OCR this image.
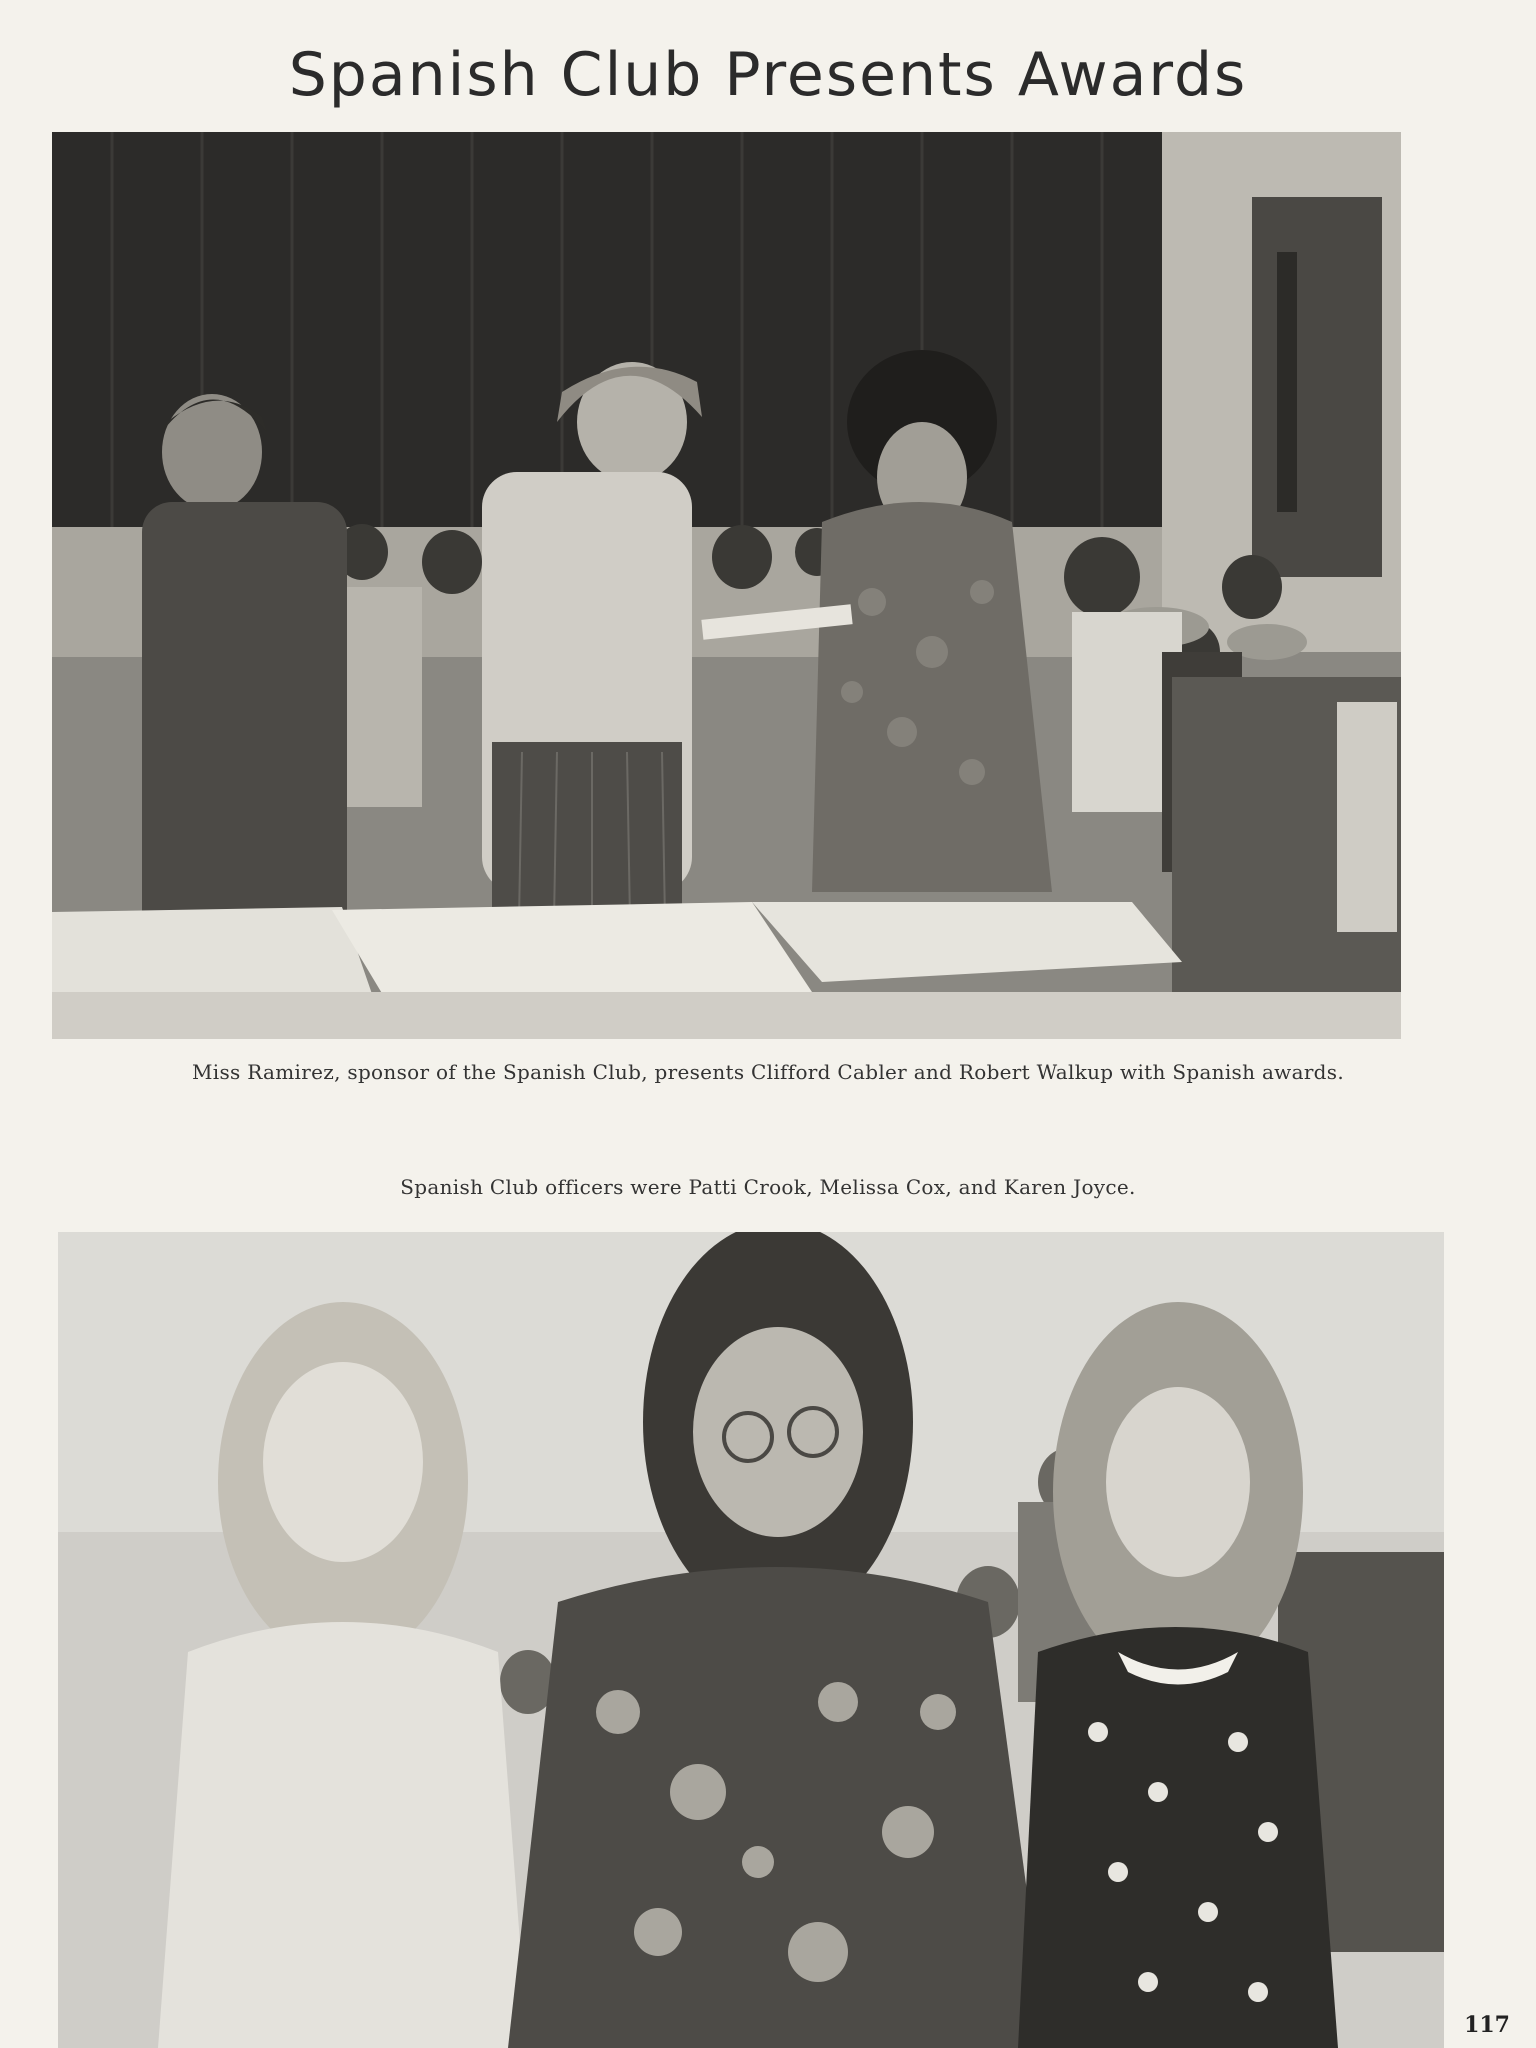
Spanish Club Presents Awards

Miss Ramirez, sponsor of the Spanish Club, presents Clifford Cabler and Robert Walkup with Spanish awards.

Spanish Club officers were Patti Crook, Melissa Cox, and Karen Joyce.

117
